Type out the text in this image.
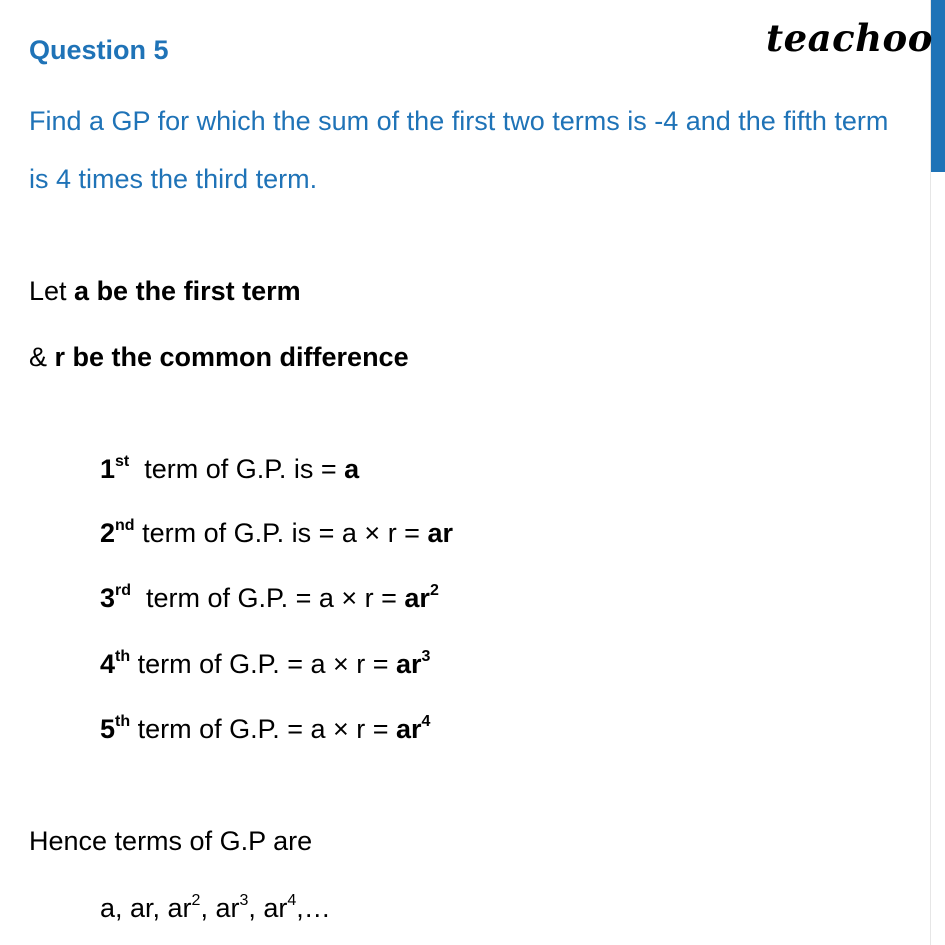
Question 5	teachoo
Find a GP for which the sum of the first two terms is -4 and the fifth term is 4 times the third term.
Let a be the first term
& r be the common difference
1st  term of G.P. is = a
2nd term of G.P. is = a × r = ar
3rd  term of G.P. = $a \times r = ar^2$
4th term of G.P. = $a \times r = ar^3$
5th term of G.P. = $a \times r = ar^4$
Hence terms of G.P are
a, ar, $ar^2$, $ar^3$, $ar^4,\dots$
